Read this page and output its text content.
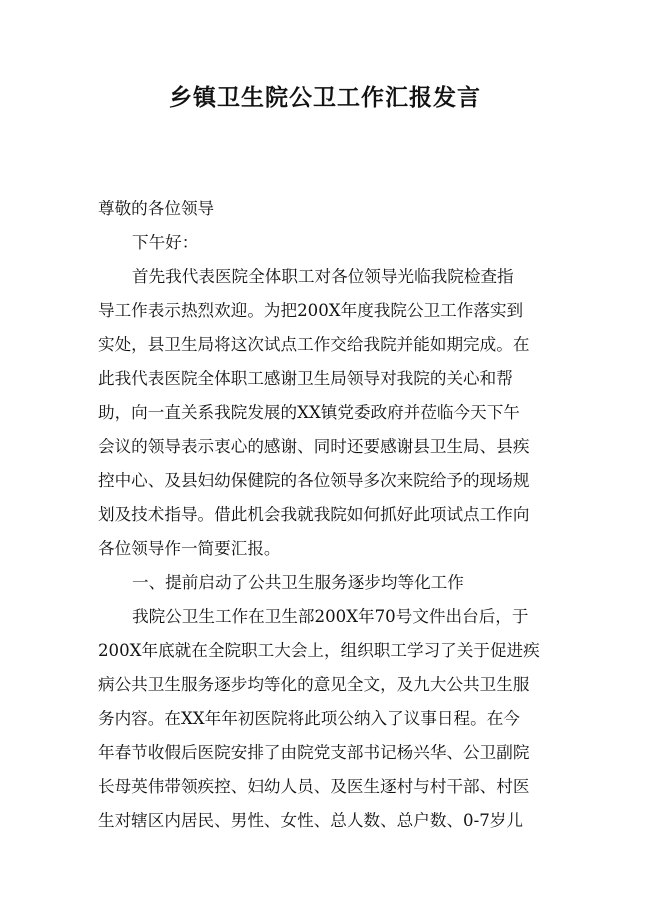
乡镇卫生院公卫工作汇报发言
尊敬的各位领导
下午好：
首先我代表医院全体职工对各位领导光临我院检查指
导工作表示热烈欢迎。为把200X年度我院公卫工作落实到
实处，县卫生局将这次试点工作交给我院并能如期完成。在
此我代表医院全体职工感谢卫生局领导对我院的关心和帮
助，向一直关系我院发展的XX镇党委政府并莅临今天下午
会议的领导表示衷心的感谢、同时还要感谢县卫生局、县疾
控中心、及县妇幼保健院的各位领导多次来院给予的现场规
划及技术指导。借此机会我就我院如何抓好此项试点工作向
各位领导作一简要汇报。
一、提前启动了公共卫生服务逐步均等化工作
我院公卫生工作在卫生部200X年70号文件出台后，于
200X年底就在全院职工大会上，组织职工学习了关于促进疾
病公共卫生服务逐步均等化的意见全文，及九大公共卫生服
务内容。在XX年年初医院将此项公纳入了议事日程。在今
年春节收假后医院安排了由院党支部书记杨兴华、公卫副院
长母英伟带领疾控、妇幼人员、及医生逐村与村干部、村医
生对辖区内居民、男性、女性、总人数、总户数、0-7岁儿
